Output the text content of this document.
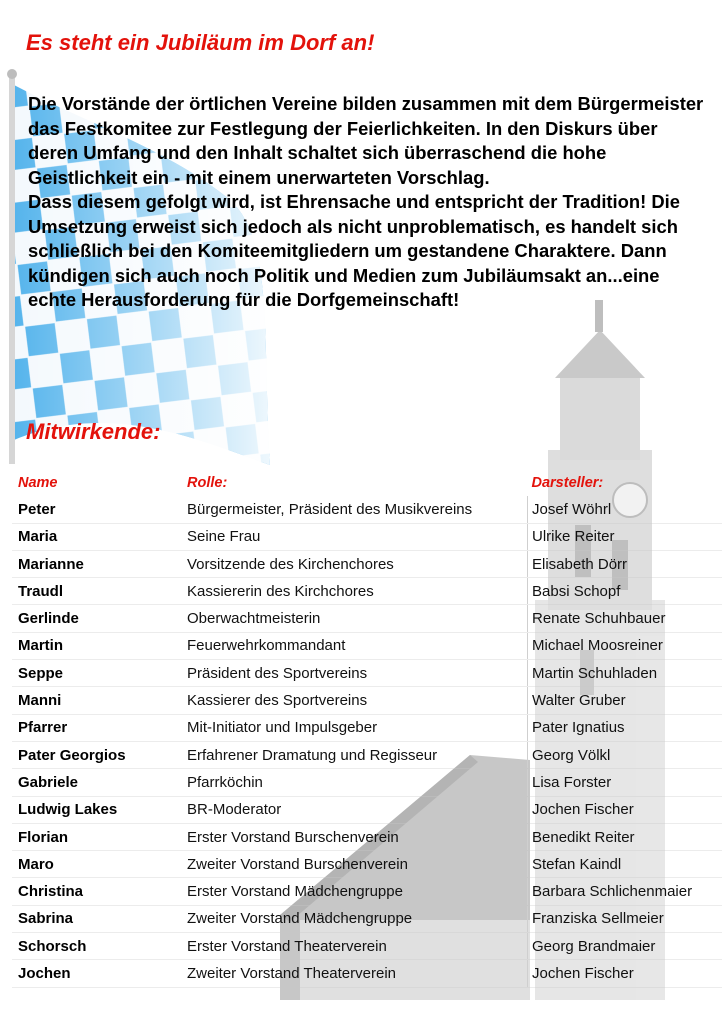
Es steht ein Jubiläum im Dorf an!

Die Vorstände der örtlichen Vereine bilden zusammen mit dem Bürgermeister das Festkomitee zur Festlegung der Feierlichkeiten. In den Diskurs über deren Umfang und den Inhalt schaltet sich überraschend die hohe Geistlichkeit ein - mit einem unerwarteten Vorschlag.

Dass diesem gefolgt wird, ist Ehrensache und entspricht der Tradition! Die Umsetzung erweist sich jedoch als nicht unproblematisch, es handelt sich schließlich bei den Komiteemitgliedern um gestandene Charaktere. Dann kündigen sich auch noch Politik und Medien zum Jubiläumsakt an...eine echte Herausforderung für die Dorfgemeinschaft!

Mitwirkende:
Name	Rolle:	Darsteller:
Peter	Bürgermeister, Präsident des Musikvereins	Josef Wöhrl
Maria	Seine Frau	Ulrike Reiter
Marianne	Vorsitzende des Kirchenchores	Elisabeth Dörr
Traudl	Kassiererin des Kirchchores	Babsi Schopf
Gerlinde	Oberwachtmeisterin	Renate Schuhbauer
Martin	Feuerwehrkommandant	Michael Moosreiner
Seppe	Präsident des Sportvereins	Martin Schuhladen
Manni	Kassierer des Sportvereins	Walter Gruber
Pfarrer	Mit-Initiator und Impulsgeber	Pater Ignatius
Pater Georgios	Erfahrener Dramatung und Regisseur	Georg Völkl
Gabriele	Pfarrköchin	Lisa Forster
Ludwig Lakes	BR-Moderator	Jochen Fischer
Florian	Erster Vorstand Burschenverein	Benedikt Reiter
Maro	Zweiter Vorstand Burschenverein	Stefan Kaindl
Christina	Erster Vorstand Mädchengruppe	Barbara Schlichenmaier
Sabrina	Zweiter Vorstand Mädchengruppe	Franziska Sellmeier
Schorsch	Erster Vorstand Theaterverein	Georg Brandmaier
Jochen	Zweiter Vorstand Theaterverein	Jochen Fischer
